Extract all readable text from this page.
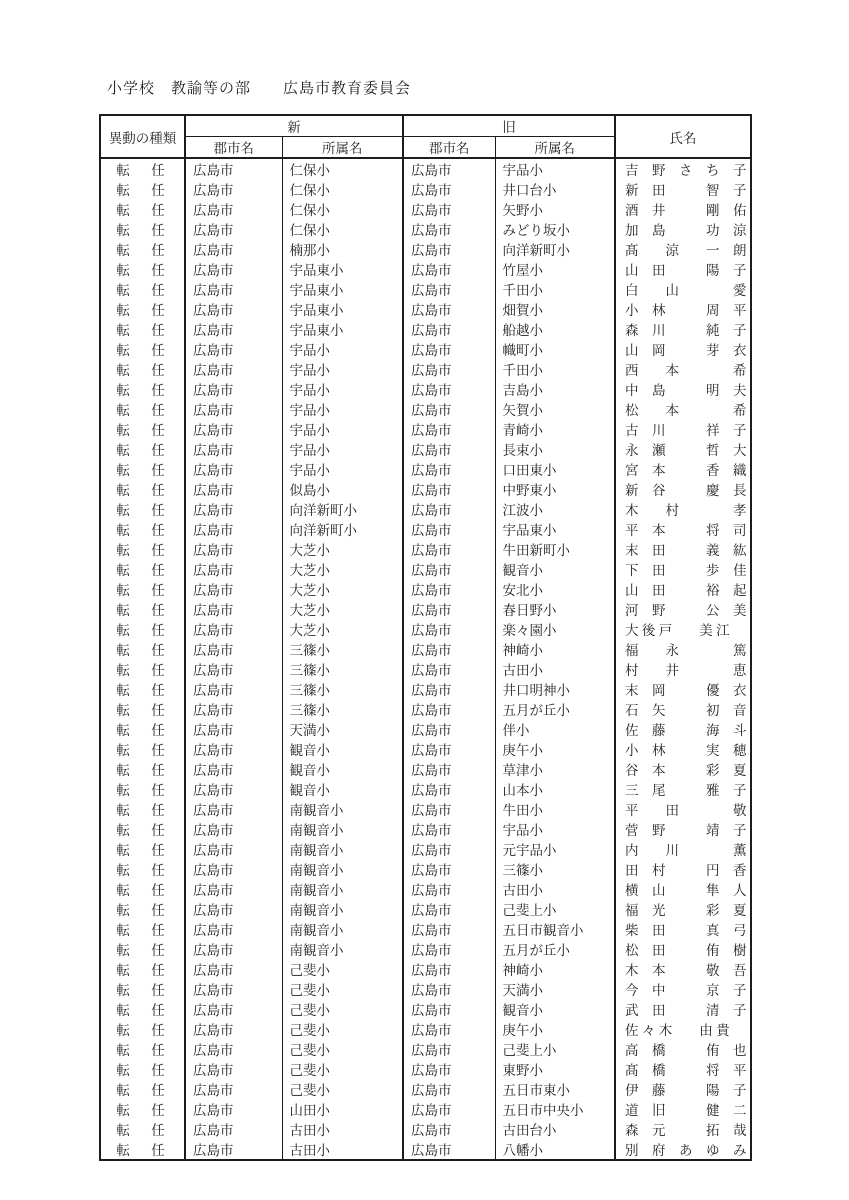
小学校　教諭等の部　　広島市教育委員会
異動の種類	新		旧		氏名
	郡市名	所属名	郡市名	所属名	
転　任	広島市	仁保小	広島市	宇品小	吉　野　さ　ち　子
転　任	広島市	仁保小	広島市	井口台小	新　田　　　智　子
転　任	広島市	仁保小	広島市	矢野小	酒　井　　　剛　佑
転　任	広島市	仁保小	広島市	みどり坂小	加　島　　　功　涼
転　任	広島市	楠那小	広島市	向洋新町小	髙　　涼　　一　朗
転　任	広島市	宇品東小	広島市	竹屋小	山　田　　　陽　子
転　任	広島市	宇品東小	広島市	千田小	白　　山　　　　愛
転　任	広島市	宇品東小	広島市	畑賀小	小　林　　　周　平
転　任	広島市	宇品東小	広島市	船越小	森　川　　　純　子
転　任	広島市	宇品小	広島市	幟町小	山　岡　　　芽　衣
転　任	広島市	宇品小	広島市	千田小	西　　本　　　　希
転　任	広島市	宇品小	広島市	吉島小	中　島　　　明　夫
転　任	広島市	宇品小	広島市	矢賀小	松　　本　　　　希
転　任	広島市	宇品小	広島市	青崎小	古　川　　　祥　子
転　任	広島市	宇品小	広島市	長束小	永　瀬　　　哲　大
転　任	広島市	宇品小	広島市	口田東小	宮　本　　　香　織
転　任	広島市	似島小	広島市	中野東小	新　谷　　　慶　長
転　任	広島市	向洋新町小	広島市	江波小	木　　村　　　　孝
転　任	広島市	向洋新町小	広島市	宇品東小	平　本　　　将　司
転　任	広島市	大芝小	広島市	牛田新町小	末　田　　　義　紘
転　任	広島市	大芝小	広島市	観音小	下　田　　　歩　佳
転　任	広島市	大芝小	広島市	安北小	山　田　　　裕　起
転　任	広島市	大芝小	広島市	春日野小	河　野　　　公　美
転　任	広島市	大芝小	広島市	楽々園小	大 後 戸　　美 江
転　任	広島市	三篠小	広島市	神崎小	福　　永　　　　篤
転　任	広島市	三篠小	広島市	古田小	村　　井　　　　恵
転　任	広島市	三篠小	広島市	井口明神小	末　岡　　　優　衣
転　任	広島市	三篠小	広島市	五月が丘小	石　矢　　　初　音
転　任	広島市	天満小	広島市	伴小	佐　藤　　　海　斗
転　任	広島市	観音小	広島市	庚午小	小　林　　　実　穂
転　任	広島市	観音小	広島市	草津小	谷　本　　　彩　夏
転　任	広島市	観音小	広島市	山本小	三　尾　　　雅　子
転　任	広島市	南観音小	広島市	牛田小	平　　田　　　　敬
転　任	広島市	南観音小	広島市	宇品小	菅　野　　　靖　子
転　任	広島市	南観音小	広島市	元宇品小	内　　川　　　　薫
転　任	広島市	南観音小	広島市	三篠小	田　村　　　円　香
転　任	広島市	南観音小	広島市	古田小	横　山　　　隼　人
転　任	広島市	南観音小	広島市	己斐上小	福　光　　　彩　夏
転　任	広島市	南観音小	広島市	五日市観音小	柴　田　　　真　弓
転　任	広島市	南観音小	広島市	五月が丘小	松　田　　　侑　樹
転　任	広島市	己斐小	広島市	神崎小	木　本　　　敬　吾
転　任	広島市	己斐小	広島市	天満小	今　中　　　京　子
転　任	広島市	己斐小	広島市	観音小	武　田　　　清　子
転　任	広島市	己斐小	広島市	庚午小	佐 々 木　　由 貴
転　任	広島市	己斐小	広島市	己斐上小	高　橋　　　侑　也
転　任	広島市	己斐小	広島市	東野小	髙　橋　　　将　平
転　任	広島市	己斐小	広島市	五日市東小	伊　藤　　　陽　子
転　任	広島市	山田小	広島市	五日市中央小	道　旧　　　健　二
転　任	広島市	古田小	広島市	古田台小	森　元　　　拓　哉
転　任	広島市	古田小	広島市	八幡小	別　府　あ　ゆ　み
